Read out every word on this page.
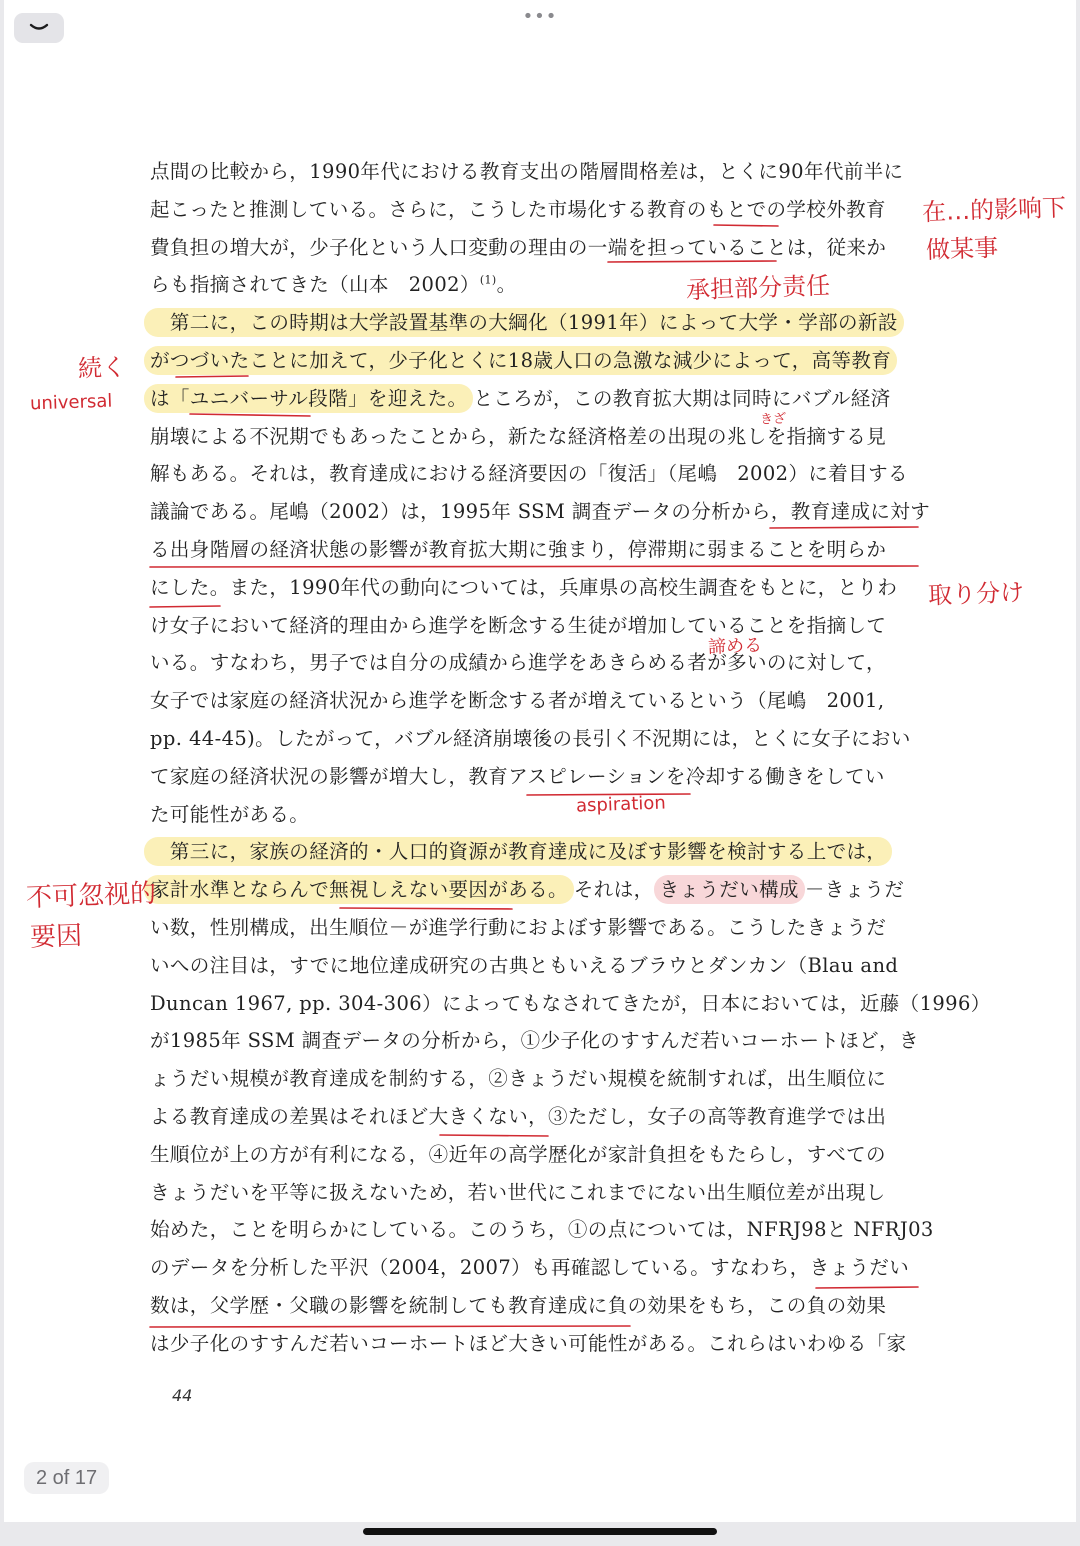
•••
点間の比較から，1990年代における教育支出の階層間格差は，とくに90年代前半に
起こったと推測している。さらに，こうした市場化する教育のもとでの学校外教育
費負担の増大が，少子化という人口変動の理由の一端を担っていることは，従来か
らも指摘されてきた（山本　2002）$^{(1)}$。
　第二に，この時期は大学設置基準の大綱化（1991年）によって大学・学部の新設
がつづいたことに加えて，少子化とくに18歳人口の急激な減少によって，高等教育
は「ユニバーサル段階」を迎えた。 ところが，この教育拡大期は同時にバブル経済
崩壊による不況期でもあったことから，新たな経済格差の出現の兆しを指摘する見
解もある。それは，教育達成における経済要因の「復活」（尾嶋　2002）に着目する
議論である。尾嶋（2002）は，1995年 SSM 調査データの分析から，教育達成に対す
る出身階層の経済状態の影響が教育拡大期に強まり，停滞期に弱まることを明らか
にした。また，1990年代の動向については，兵庫県の高校生調査をもとに，とりわ
け女子において経済的理由から進学を断念する生徒が増加していることを指摘して
いる。すなわち，男子では自分の成績から進学をあきらめる者が多いのに対して，
女子では家庭の経済状況から進学を断念する者が増えているという（尾嶋　2001,
pp. 44-45)。したがって，バブル経済崩壊後の長引く不況期には，とくに女子におい
て家庭の経済状況の影響が増大し，教育アスピレーションを冷却する働きをしてい
た可能性がある。
　第三に，家族の経済的・人口的資源が教育達成に及ぼす影響を検討する上では，
家計水準とならんで無視しえない要因がある。 それは， きょうだい構成 －きょうだ
い数，性別構成，出生順位－が進学行動におよぼす影響である。こうしたきょうだ
いへの注目は，すでに地位達成研究の古典ともいえるブラウとダンカン（Blau and
Duncan 1967, pp. 304-306）によってもなされてきたが，日本においては，近藤（1996）
が1985年 SSM 調査データの分析から，①少子化のすすんだ若いコーホートほど，き
ょうだい規模が教育達成を制約する，②きょうだい規模を統制すれば，出生順位に
よる教育達成の差異はそれほど大きくない，③ただし，女子の高等教育進学では出
生順位が上の方が有利になる，④近年の高学歴化が家計負担をもたらし，すべての
きょうだいを平等に扱えないため，若い世代にこれまでにない出生順位差が出現し
始めた，ことを明らかにしている。このうち，①の点については，NFRJ98と NFRJ03
のデータを分析した平沢（2004，2007）も再確認している。すなわち，きょうだい
数は，父学歴・父職の影響を統制しても教育達成に負の効果をもち，この負の効果
は少子化のすすんだ若いコーホートほど大きい可能性がある。これらはいわゆる「家
44
在…的影响下
做某事
承担部分责任
続く
universal
きざ
取り分け
諦める
aspiration
不可忽视的
要因
2 of 17
